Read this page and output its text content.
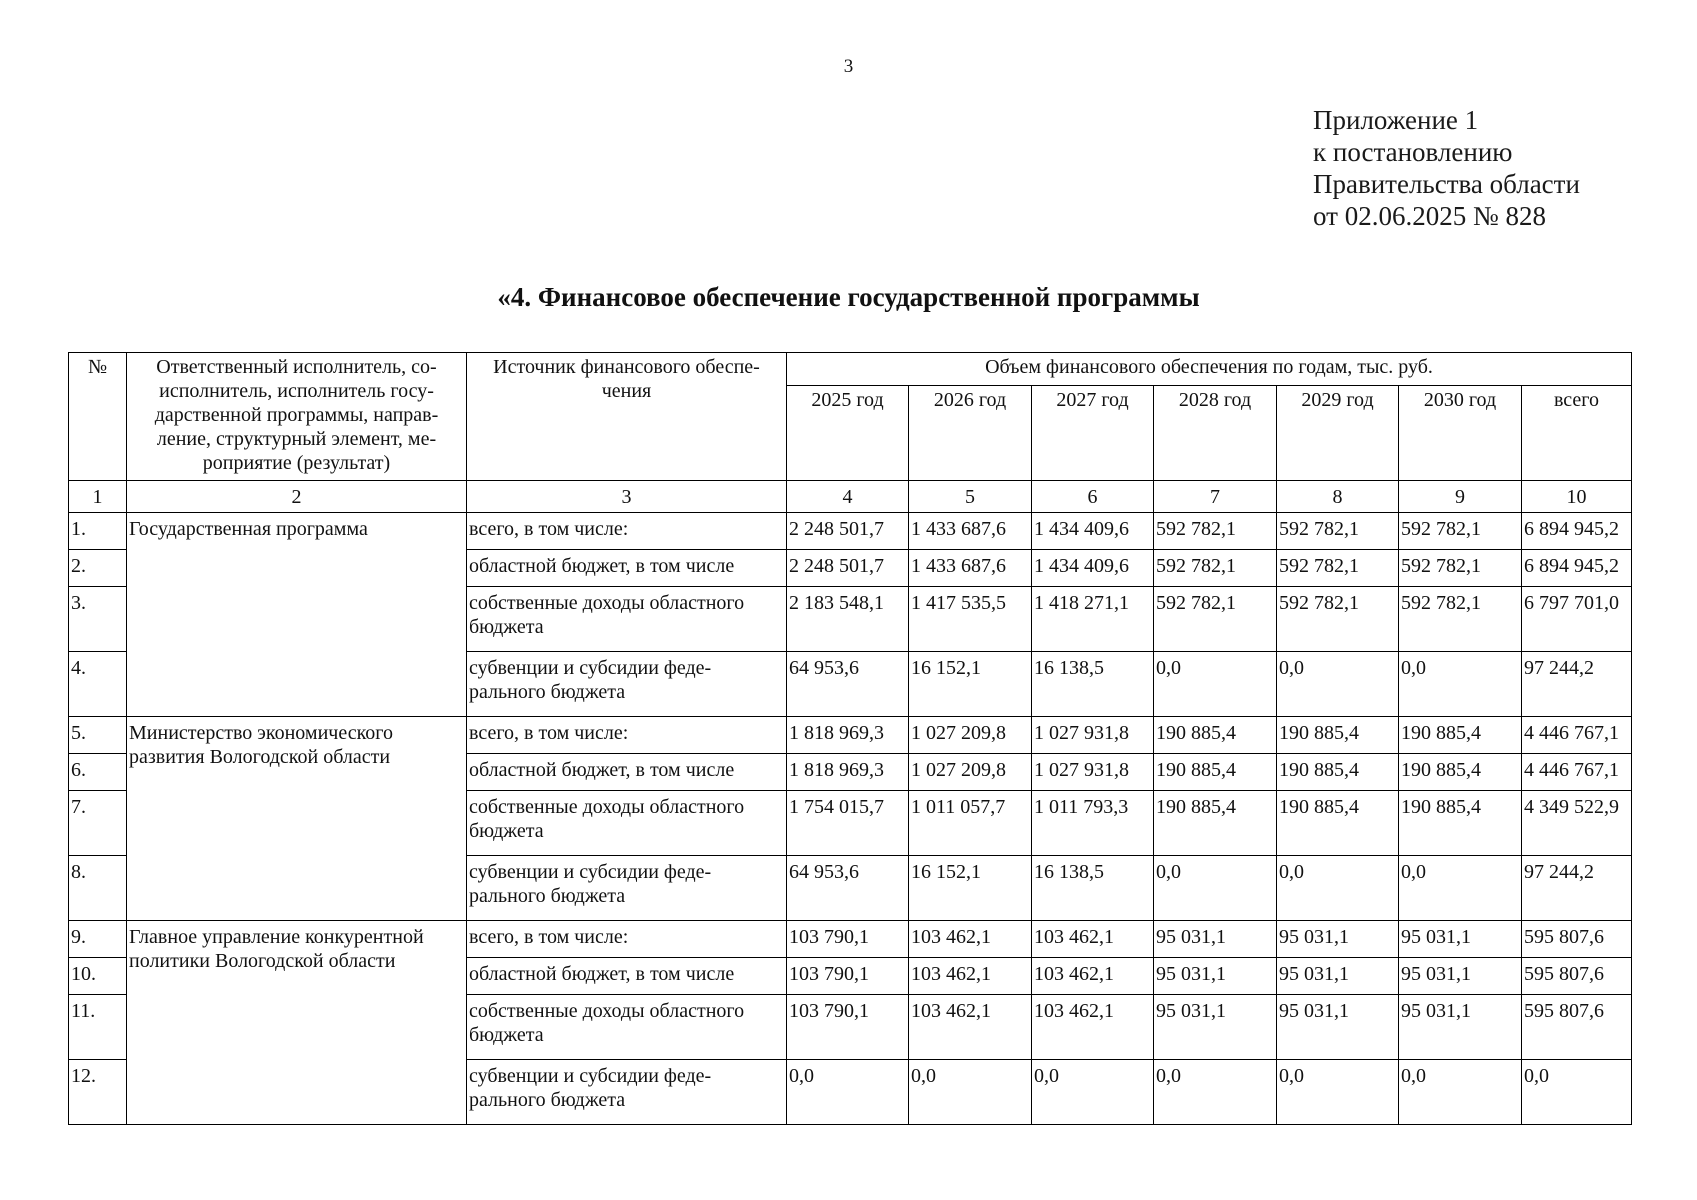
3
Приложение 1
к постановлению
Правительства области
от 02.06.2025 № 828
«4. Финансовое обеспечение государственной программы
№	Ответственный исполнитель, со-исполнитель, исполнитель госу-дарственной программы, направ-ление, структурный элемент, ме-роприятие (результат)	Источник финансового обеспе-чения	Объем финансового обеспечения по годам, тыс. руб.						
			2025 год	2026 год	2027 год	2028 год	2029 год	2030 год	всего
1	2	3	4	5	6	7	8	9	10
1.	Государственная программа	всего, в том числе:	2 248 501,7	1 433 687,6	1 434 409,6	592 782,1	592 782,1	592 782,1	6 894 945,2
2.		областной бюджет, в том числе	2 248 501,7	1 433 687,6	1 434 409,6	592 782,1	592 782,1	592 782,1	6 894 945,2
3.		собственные доходы областного бюджета	2 183 548,1	1 417 535,5	1 418 271,1	592 782,1	592 782,1	592 782,1	6 797 701,0
4.		субвенции и субсидии феде-рального бюджета	64 953,6	16 152,1	16 138,5	0,0	0,0	0,0	97 244,2
5.	Министерство экономического развития Вологодской области	всего, в том числе:	1 818 969,3	1 027 209,8	1 027 931,8	190 885,4	190 885,4	190 885,4	4 446 767,1
6.		областной бюджет, в том числе	1 818 969,3	1 027 209,8	1 027 931,8	190 885,4	190 885,4	190 885,4	4 446 767,1
7.		собственные доходы областного бюджета	1 754 015,7	1 011 057,7	1 011 793,3	190 885,4	190 885,4	190 885,4	4 349 522,9
8.		субвенции и субсидии феде-рального бюджета	64 953,6	16 152,1	16 138,5	0,0	0,0	0,0	97 244,2
9.	Главное управление конкурентной политики Вологодской области	всего, в том числе:	103 790,1	103 462,1	103 462,1	95 031,1	95 031,1	95 031,1	595 807,6
10.		областной бюджет, в том числе	103 790,1	103 462,1	103 462,1	95 031,1	95 031,1	95 031,1	595 807,6
11.		собственные доходы областного бюджета	103 790,1	103 462,1	103 462,1	95 031,1	95 031,1	95 031,1	595 807,6
12.		субвенции и субсидии феде-рального бюджета	0,0	0,0	0,0	0,0	0,0	0,0	0,0
